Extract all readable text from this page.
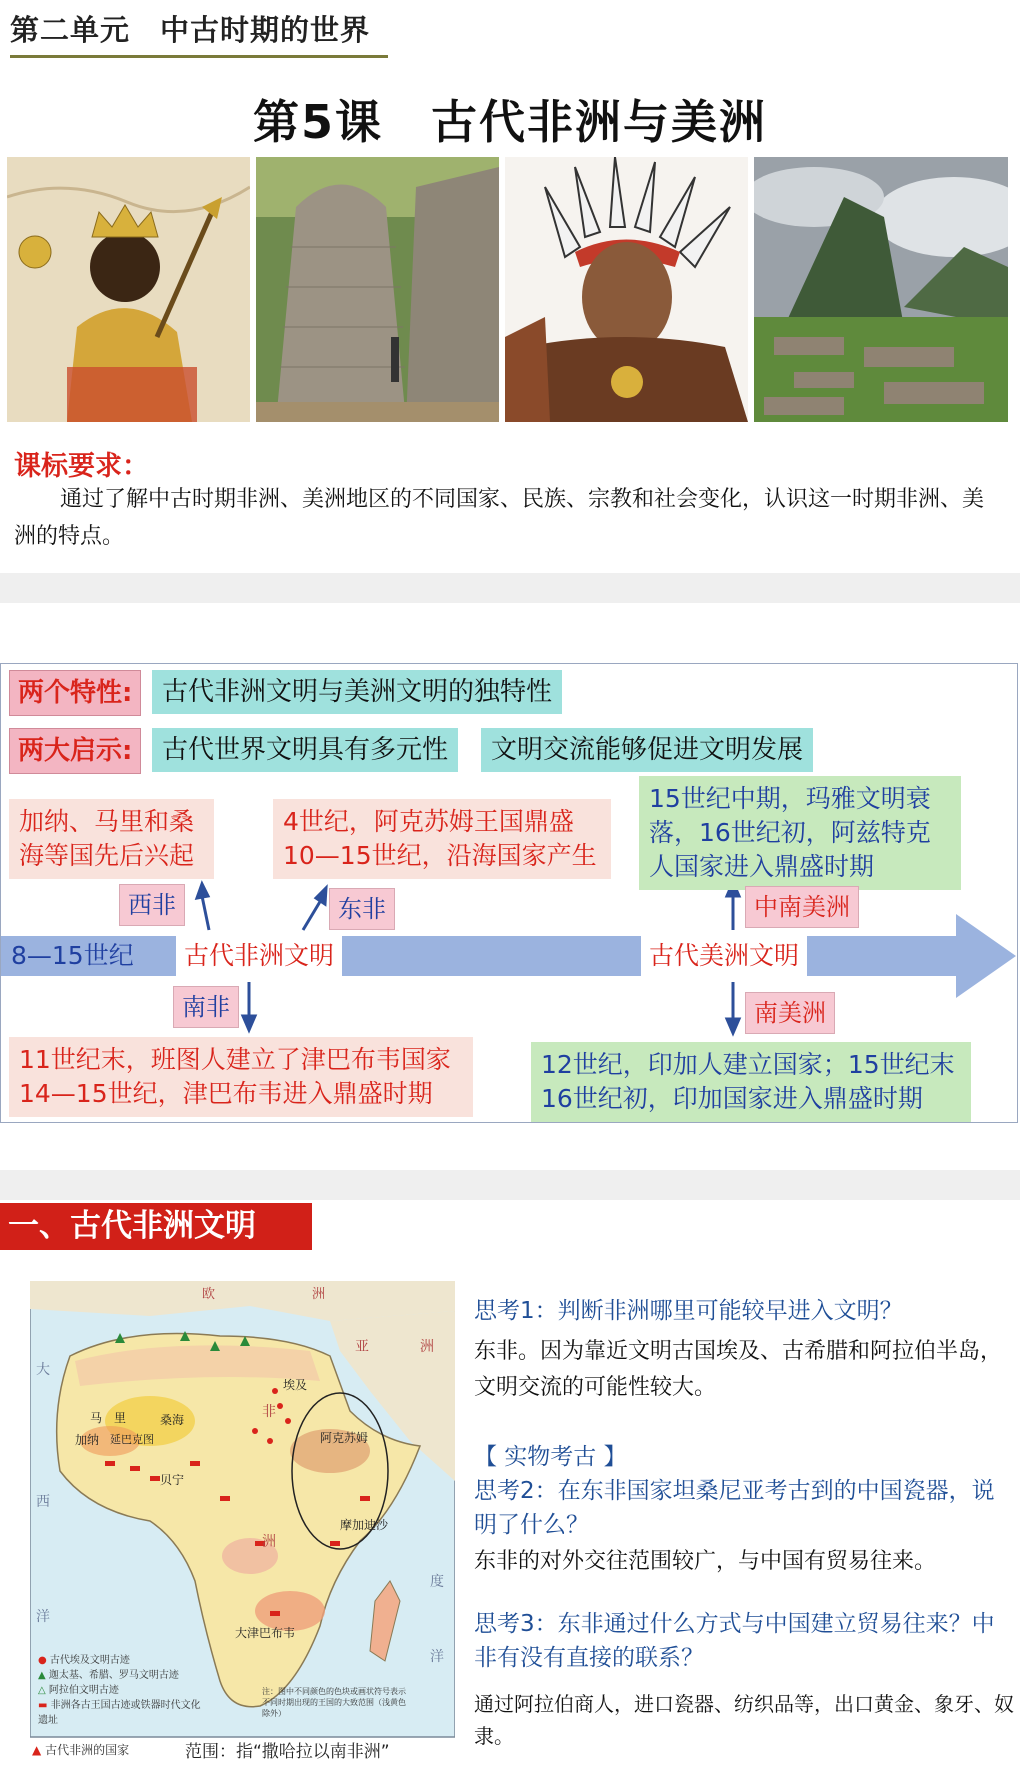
第二单元　中古时期的世界
第5课　古代非洲与美洲
课标要求：
通过了解中古时期非洲、美洲地区的不同国家、民族、宗教和社会变化，认识这一时期非洲、美洲的特点。
两个特性:	古代非洲文明与美洲文明的独特性
两大启示:	古代世界文明具有多元性	文明交流能够促进文明发展
加纳、马里和桑
海等国先后兴起
4世纪，阿克苏姆王国鼎盛
10—15世纪，沿海国家产生
15世纪中期，玛雅文明衰
落，16世纪初，阿兹特克
人国家进入鼎盛时期
西非	东非	中南美洲
8—15世纪	古代非洲文明	古代美洲文明
南非	南美洲
11世纪末，班图人建立了津巴布韦国家
14—15世纪，津巴布韦进入鼎盛时期
12世纪，印加人建立国家；15世纪末
16世纪初，印加国家进入鼎盛时期
一、古代非洲文明
欧	洲
亚	洲
大
西
洋
度
洋
非
洲
埃及
马　里	桑海
加纳 延巴克图
贝宁
阿克苏姆
摩加迪沙
大津巴布韦
● 古代埃及文明古迹
▲ 迦太基、希腊、罗马文明古迹
△ 阿拉伯文明古迹
▬ 非洲各古王国古迹或铁器时代文化遗址
注：图中不同颜色的色块或画状符号表示不同时期出现的王国的大致范围（浅黄色除外）
▲ 古代非洲的国家	范围：指“撒哈拉以南非洲”
思考1：判断非洲哪里可能较早进入文明？
东非。因为靠近文明古国埃及、古希腊和阿拉伯半岛，文明交流的可能性较大。
【 实物考古 】
思考2：在东非国家坦桑尼亚考古到的中国瓷器，说明了什么？
东非的对外交往范围较广，与中国有贸易往来。
思考3：东非通过什么方式与中国建立贸易往来？中非有没有直接的联系？
通过阿拉伯商人，进口瓷器、纺织品等，出口黄金、象牙、奴隶。
